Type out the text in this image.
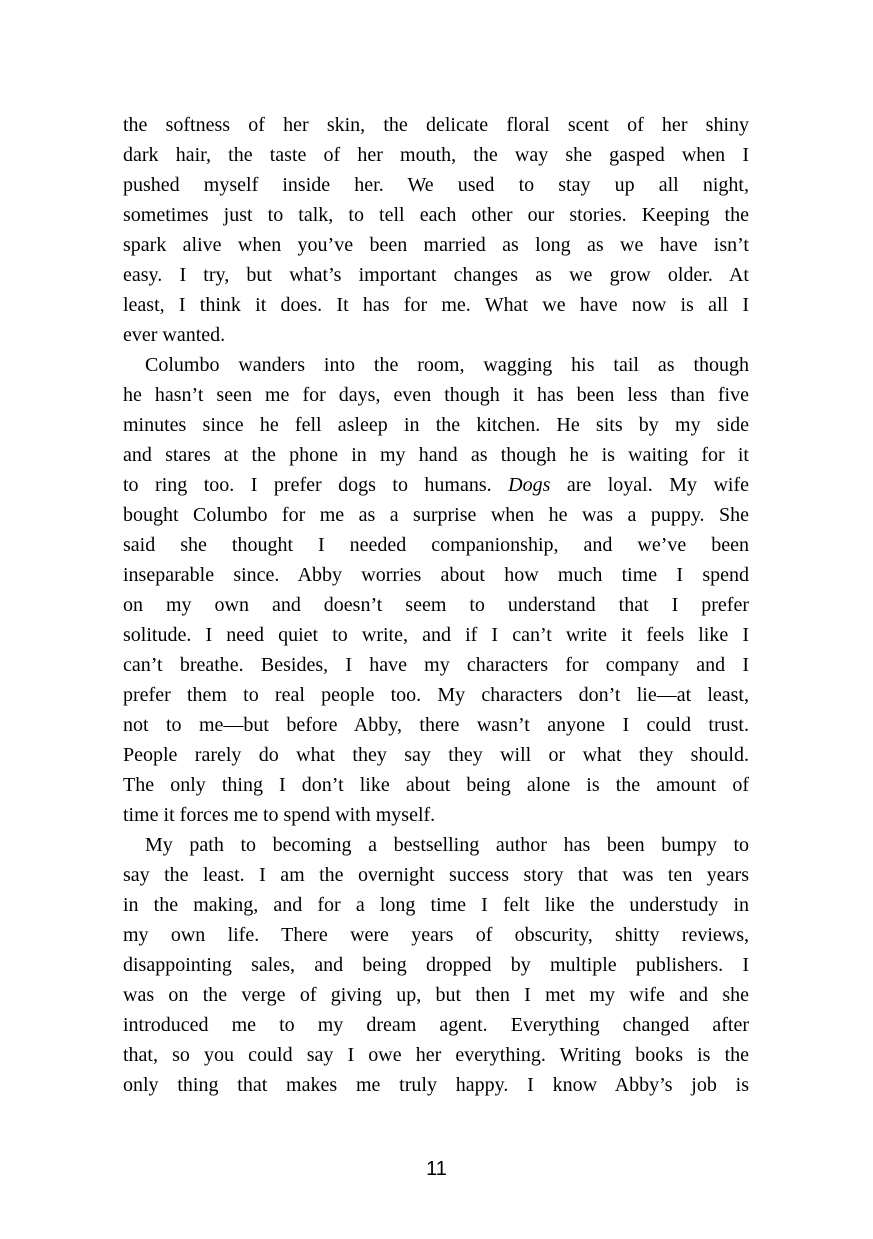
the softness of her skin, the delicate floral scent of her shiny
dark hair, the taste of her mouth, the way she gasped when I
pushed myself inside her. We used to stay up all night,
sometimes just to talk, to tell each other our stories. Keeping the
spark alive when you’ve been married as long as we have isn’t
easy. I try, but what’s important changes as we grow older. At
least, I think it does. It has for me. What we have now is all I
ever wanted.
Columbo wanders into the room, wagging his tail as though
he hasn’t seen me for days, even though it has been less than five
minutes since he fell asleep in the kitchen. He sits by my side
and stares at the phone in my hand as though he is waiting for it
to ring too. I prefer dogs to humans. Dogs are loyal. My wife
bought Columbo for me as a surprise when he was a puppy. She
said she thought I needed companionship, and we’ve been
inseparable since. Abby worries about how much time I spend
on my own and doesn’t seem to understand that I prefer
solitude. I need quiet to write, and if I can’t write it feels like I
can’t breathe. Besides, I have my characters for company and I
prefer them to real people too. My characters don’t lie—at least,
not to me—but before Abby, there wasn’t anyone I could trust.
People rarely do what they say they will or what they should.
The only thing I don’t like about being alone is the amount of
time it forces me to spend with myself.
My path to becoming a bestselling author has been bumpy to
say the least. I am the overnight success story that was ten years
in the making, and for a long time I felt like the understudy in
my own life. There were years of obscurity, shitty reviews,
disappointing sales, and being dropped by multiple publishers. I
was on the verge of giving up, but then I met my wife and she
introduced me to my dream agent. Everything changed after
that, so you could say I owe her everything. Writing books is the
only thing that makes me truly happy. I know Abby’s job is
11
